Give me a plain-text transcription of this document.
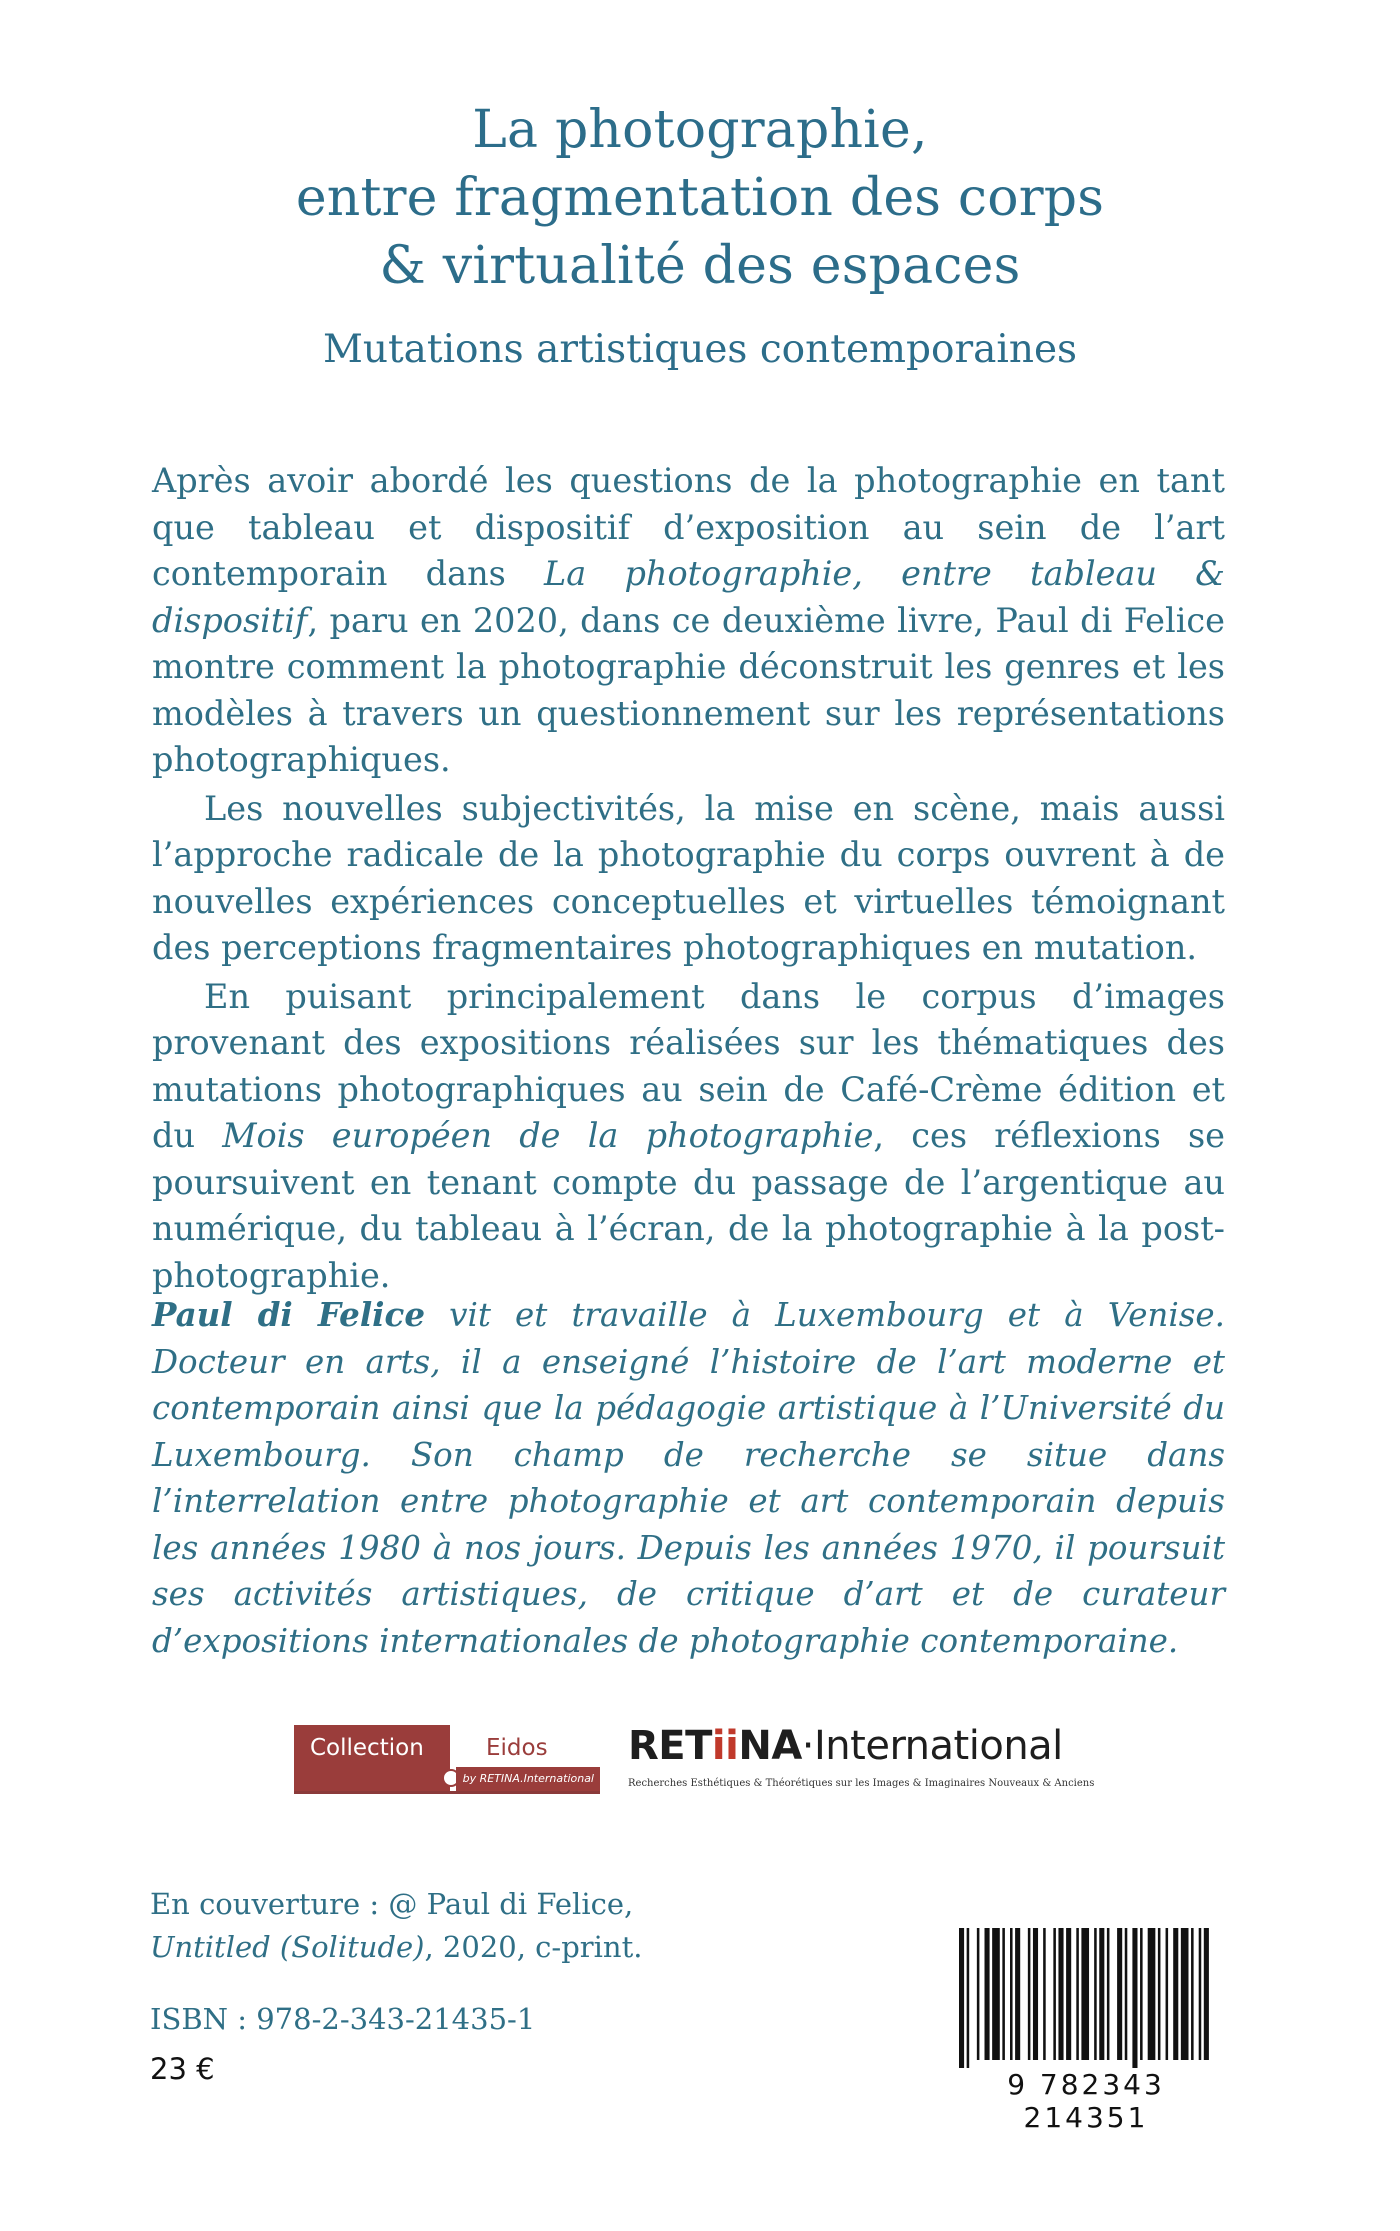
La photographie,
entre fragmentation des corps
& virtualité des espaces
Mutations artistiques contemporaines

Après avoir abordé les questions de la photographie en tant que tableau et dispositif d’exposition au sein de l’art contemporain dans La photographie, entre tableau & dispositif, paru en 2020, dans ce deuxième livre, Paul di Felice montre comment la photographie déconstruit les genres et les modèles à travers un questionnement sur les représentations photographiques.

Les nouvelles subjectivités, la mise en scène, mais aussi l’approche radicale de la photographie du corps ouvrent à de nouvelles expériences conceptuelles et virtuelles témoignant des perceptions fragmentaires photographiques en mutation.

En puisant principalement dans le corpus d’images provenant des expositions réalisées sur les thématiques des mutations photographiques au sein de Café-Crème édition et du Mois européen de la photographie, ces réflexions se poursuivent en tenant compte du passage de l’argentique au numérique, du tableau à l’écran, de la photographie à la post-photographie.

Paul di Felice vit et travaille à Luxembourg et à Venise. Docteur en arts, il a enseigné l’histoire de l’art moderne et contemporain ainsi que la pédagogie artistique à l’Université du Luxembourg. Son champ de recherche se situe dans l’interrelation entre photographie et art contemporain depuis les années 1980 à nos jours. Depuis les années 1970, il poursuit ses activités artistiques, de critique d’art et de curateur d’expositions internationales de photographie contemporaine.
Collection	Eidos
by RETINA.International
RETiiNA·International
Recherches Esthétiques & Théorétiques sur les Images & Imaginaires Nouveaux & Anciens
En couverture : @ Paul di Felice,
Untitled (Solitude), 2020, c-print.
ISBN : 978-2-343-21435-1
23 €	9 782343 214351
